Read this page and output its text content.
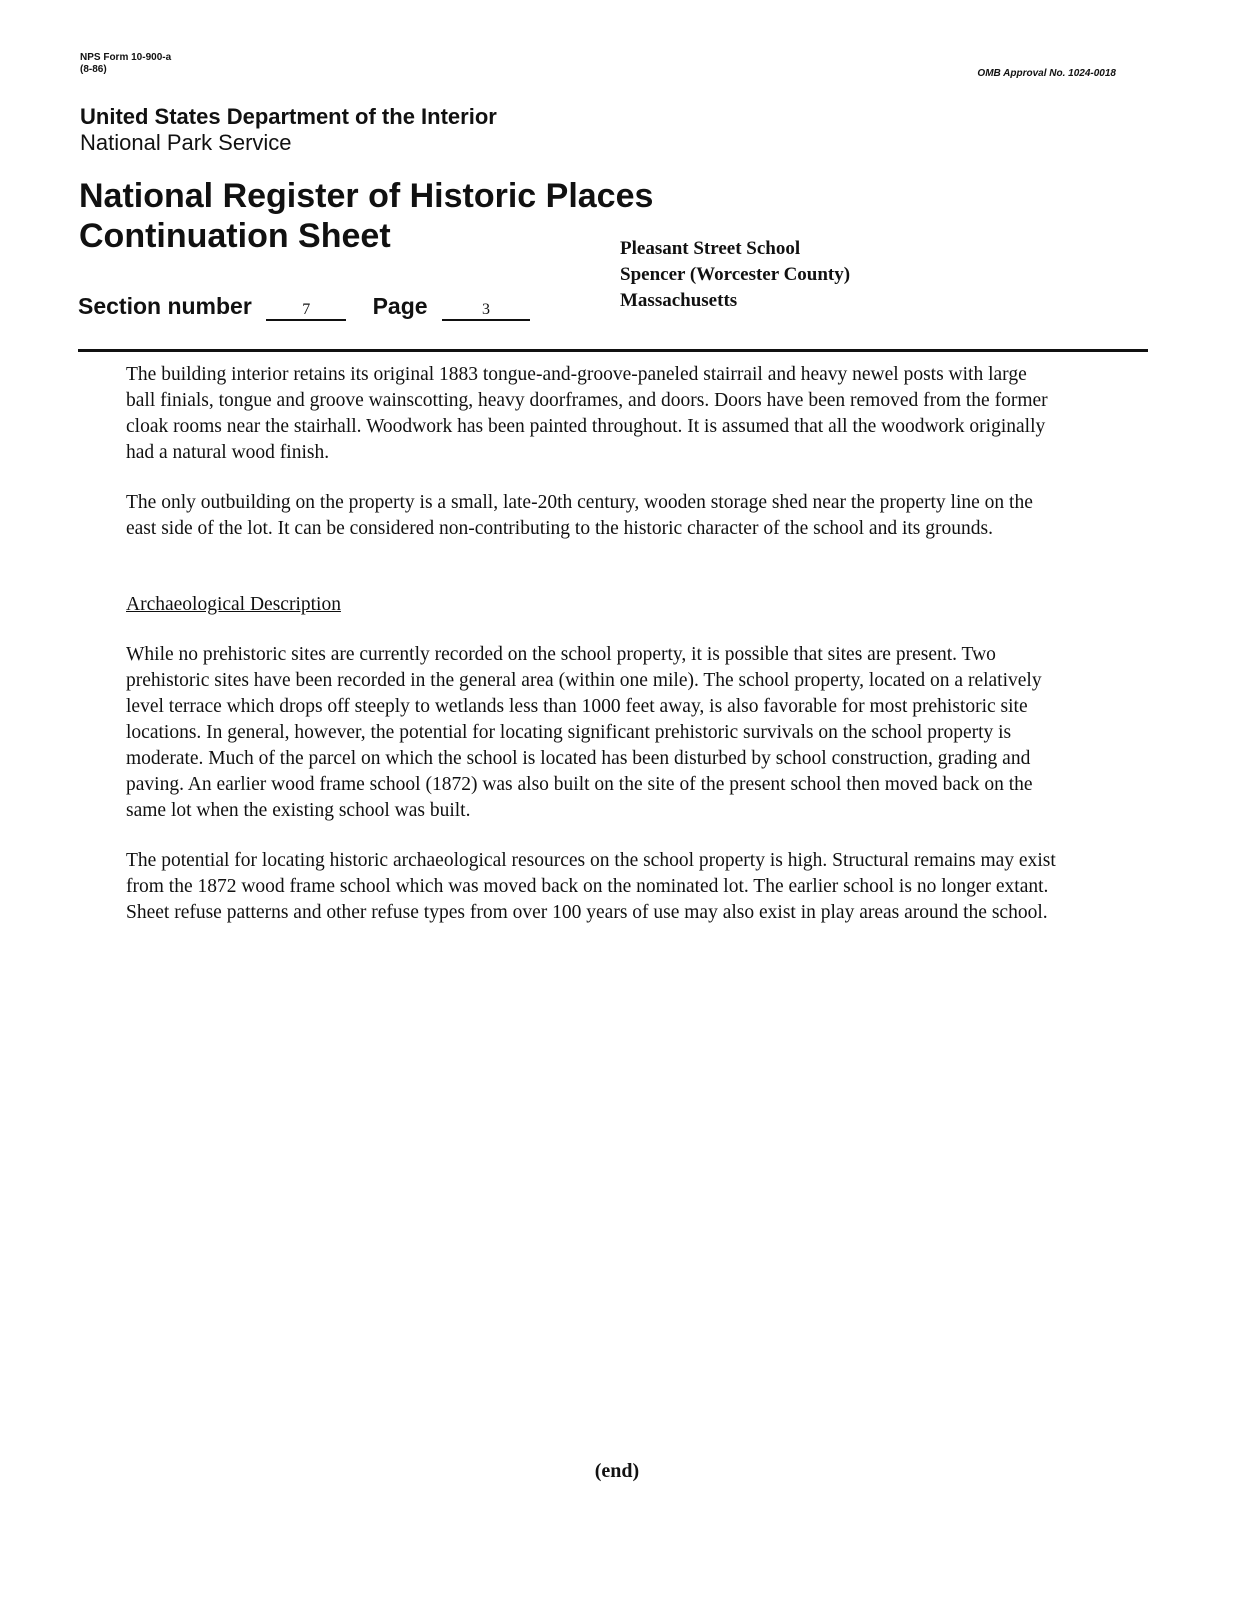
NPS Form 10-900-a
(8-86)	OMB Approval No. 1024-0018
United States Department of the Interior
National Park Service
National Register of Historic Places
Continuation Sheet	Pleasant Street School
Spencer (Worcester County)
Massachusetts
Section number	7	Page	3

The building interior retains its original 1883 tongue-and-groove-paneled stairrail and heavy newel posts with large ball finials, tongue and groove wainscotting, heavy doorframes, and doors. Doors have been removed from the former cloak rooms near the stairhall. Woodwork has been painted throughout. It is assumed that all the woodwork originally had a natural wood finish.

The only outbuilding on the property is a small, late-20th century, wooden storage shed near the property line on the east side of the lot. It can be considered non-contributing to the historic character of the school and its grounds.

Archaeological Description

While no prehistoric sites are currently recorded on the school property, it is possible that sites are present. Two prehistoric sites have been recorded in the general area (within one mile). The school property, located on a relatively level terrace which drops off steeply to wetlands less than 1000 feet away, is also favorable for most prehistoric site locations. In general, however, the potential for locating significant prehistoric survivals on the school property is moderate. Much of the parcel on which the school is located has been disturbed by school construction, grading and paving. An earlier wood frame school (1872) was also built on the site of the present school then moved back on the same lot when the existing school was built.

The potential for locating historic archaeological resources on the school property is high. Structural remains may exist from the 1872 wood frame school which was moved back on the nominated lot. The earlier school is no longer extant. Sheet refuse patterns and other refuse types from over 100 years of use may also exist in play areas around the school.

(end)
